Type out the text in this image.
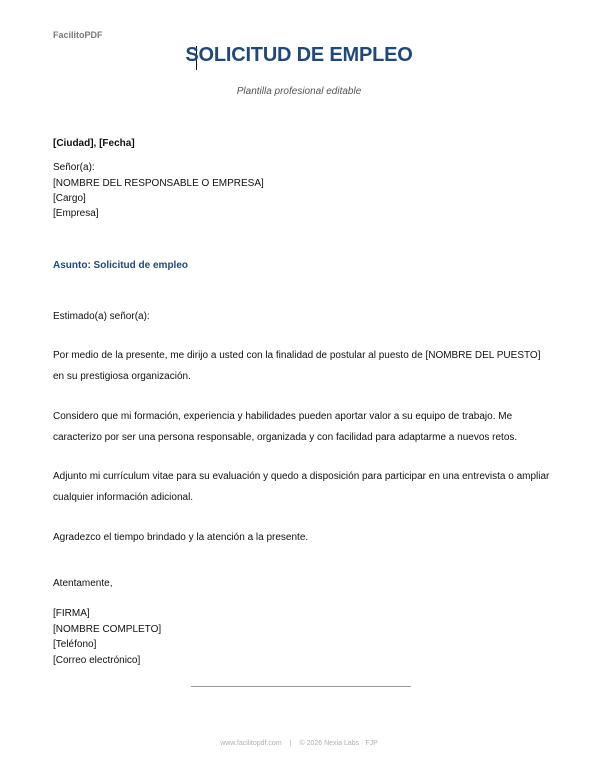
FacilitoPDF
SOLICITUD DE EMPLEO
Plantilla profesional editable
[Ciudad], [Fecha]
Señor(a):
[NOMBRE DEL RESPONSABLE O EMPRESA]
[Cargo]
[Empresa]
Asunto: Solicitud de empleo
Estimado(a) señor(a):
Por medio de la presente, me dirijo a usted con la finalidad de postular al puesto de [NOMBRE DEL PUESTO] en su prestigiosa organización.
Considero que mi formación, experiencia y habilidades pueden aportar valor a su equipo de trabajo. Me caracterizo por ser una persona responsable, organizada y con facilidad para adaptarme a nuevos retos.
Adjunto mi currículum vitae para su evaluación y quedo a disposición para participar en una entrevista o ampliar cualquier información adicional.
Agradezco el tiempo brindado y la atención a la presente.
Atentamente,
[FIRMA]
[NOMBRE COMPLETO]
[Teléfono]
[Correo electrónico]
www.facilitopdf.com | © 2026 Nexia Labs · FJP
